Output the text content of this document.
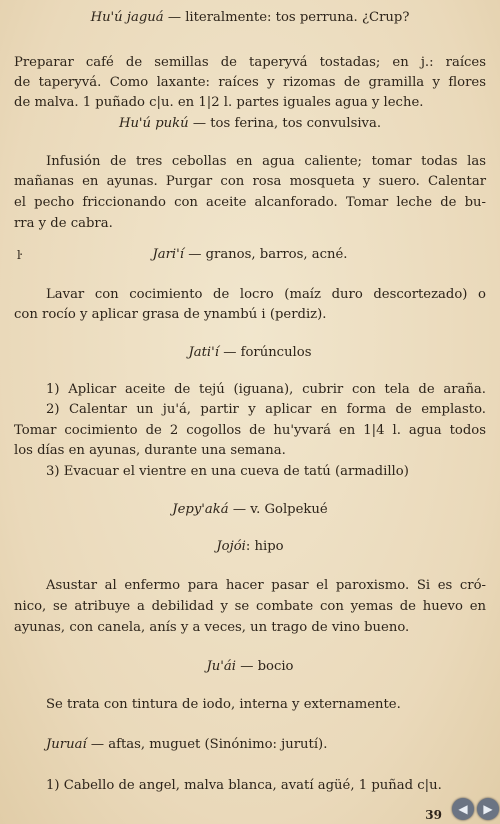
Hu'ú jaguá — literalmente: tos perruna. ¿Crup?
Preparar café de semillas de taperyvá tostadas; en j.: raíces
de taperyvá. Como laxante: raíces y rizomas de gramilla y flores
de malva. 1 puñado c|u. en 1|2 l. partes iguales agua y leche.
Hu'ú pukú — tos ferina, tos convulsiva.
Infusión de tres cebollas en agua caliente; tomar todas las
mañanas en ayunas. Purgar con rosa mosqueta y suero. Calentar
el pecho friccionando con aceite alcanforado. Tomar leche de bu-
rra y de cabra.
ŀ	Jari'í — granos, barros, acné.
Lavar con cocimiento de locro (maíz duro descortezado) o
con rocío y aplicar grasa de ynambú i (perdiz).
Jati'í — forúnculos
1) Aplicar aceite de tejú (iguana), cubrir con tela de araña.
2) Calentar un ju'á, partir y aplicar en forma de emplasto.
Tomar cocimiento de 2 cogollos de hu'yvará en 1|4 l. agua todos
los días en ayunas, durante una semana.
3) Evacuar el vientre en una cueva de tatú (armadillo)
Jepy'aká — v. Golpekué
Jojói: hipo
Asustar al enfermo para hacer pasar el paroxismo. Si es cró-
nico, se atribuye a debilidad y se combate con yemas de huevo en
ayunas, con canela, anís y a veces, un trago de vino bueno.
Ju'ái — bocio
Se trata con tintura de iodo, interna y externamente.
Juruaí — aftas, muguet (Sinónimo: jurutí).
1) Cabello de angel, malva blanca, avatí agüé, 1 puñad c|u.
39	◀	▶
